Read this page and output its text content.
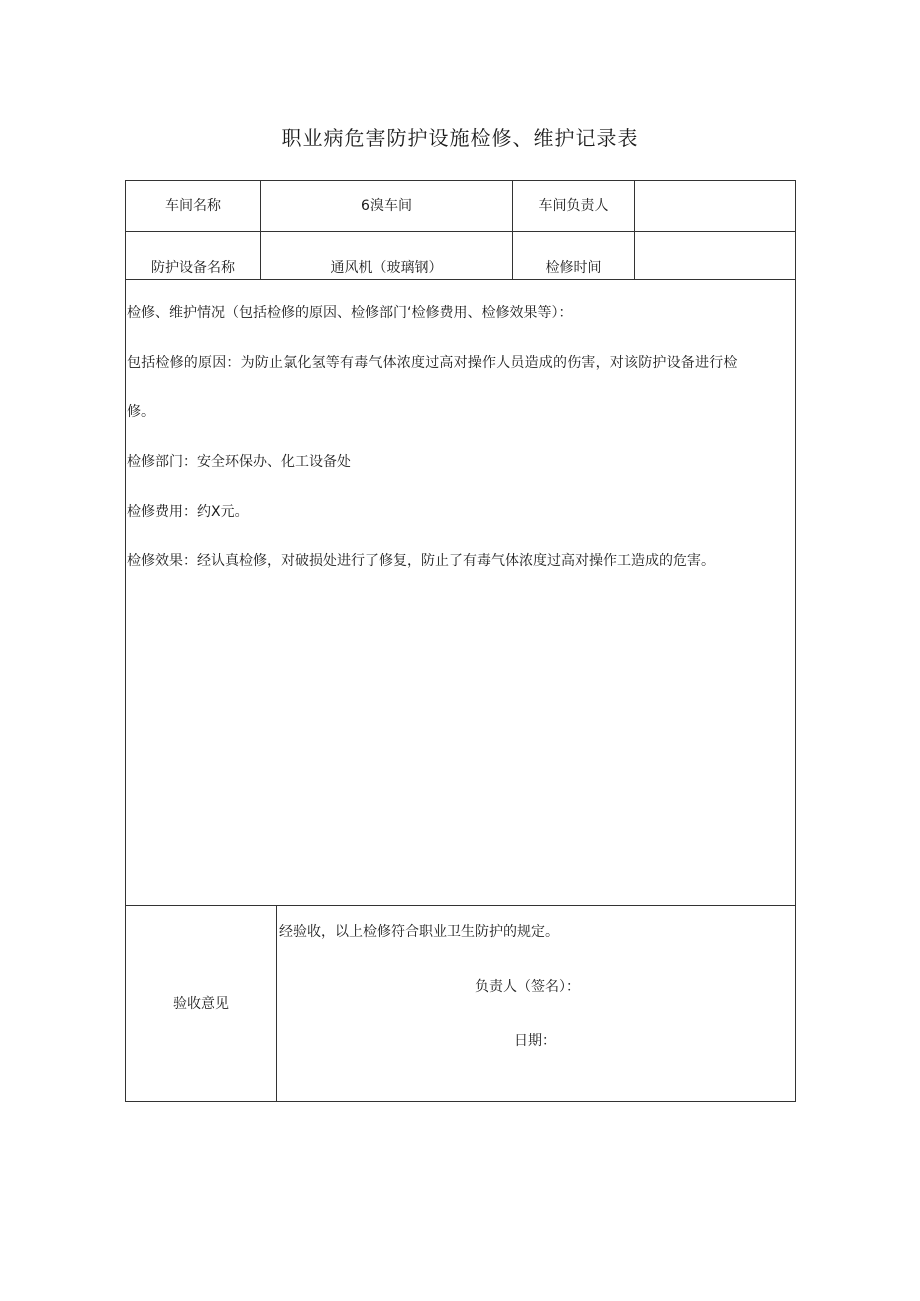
职业病危害防护设施检修、维护记录表
车间名称	6溴车间	车间负责人
防护设备名称	通风机（玻璃钢）	检修时间
检修、维护情况（包括检修的原因、检修部门‘检修费用、检修效果等）：
包括检修的原因：为防止氯化氢等有毒气体浓度过高对操作人员造成的伤害，对该防护设备进行检
修。
检修部门：安全环保办、化工设备处
检修费用：约X元。
检修效果：经认真检修，对破损处进行了修复，防止了有毒气体浓度过高对操作工造成的危害。
验收意见
经验收，以上检修符合职业卫生防护的规定。
负责人（签名）：
日期：
